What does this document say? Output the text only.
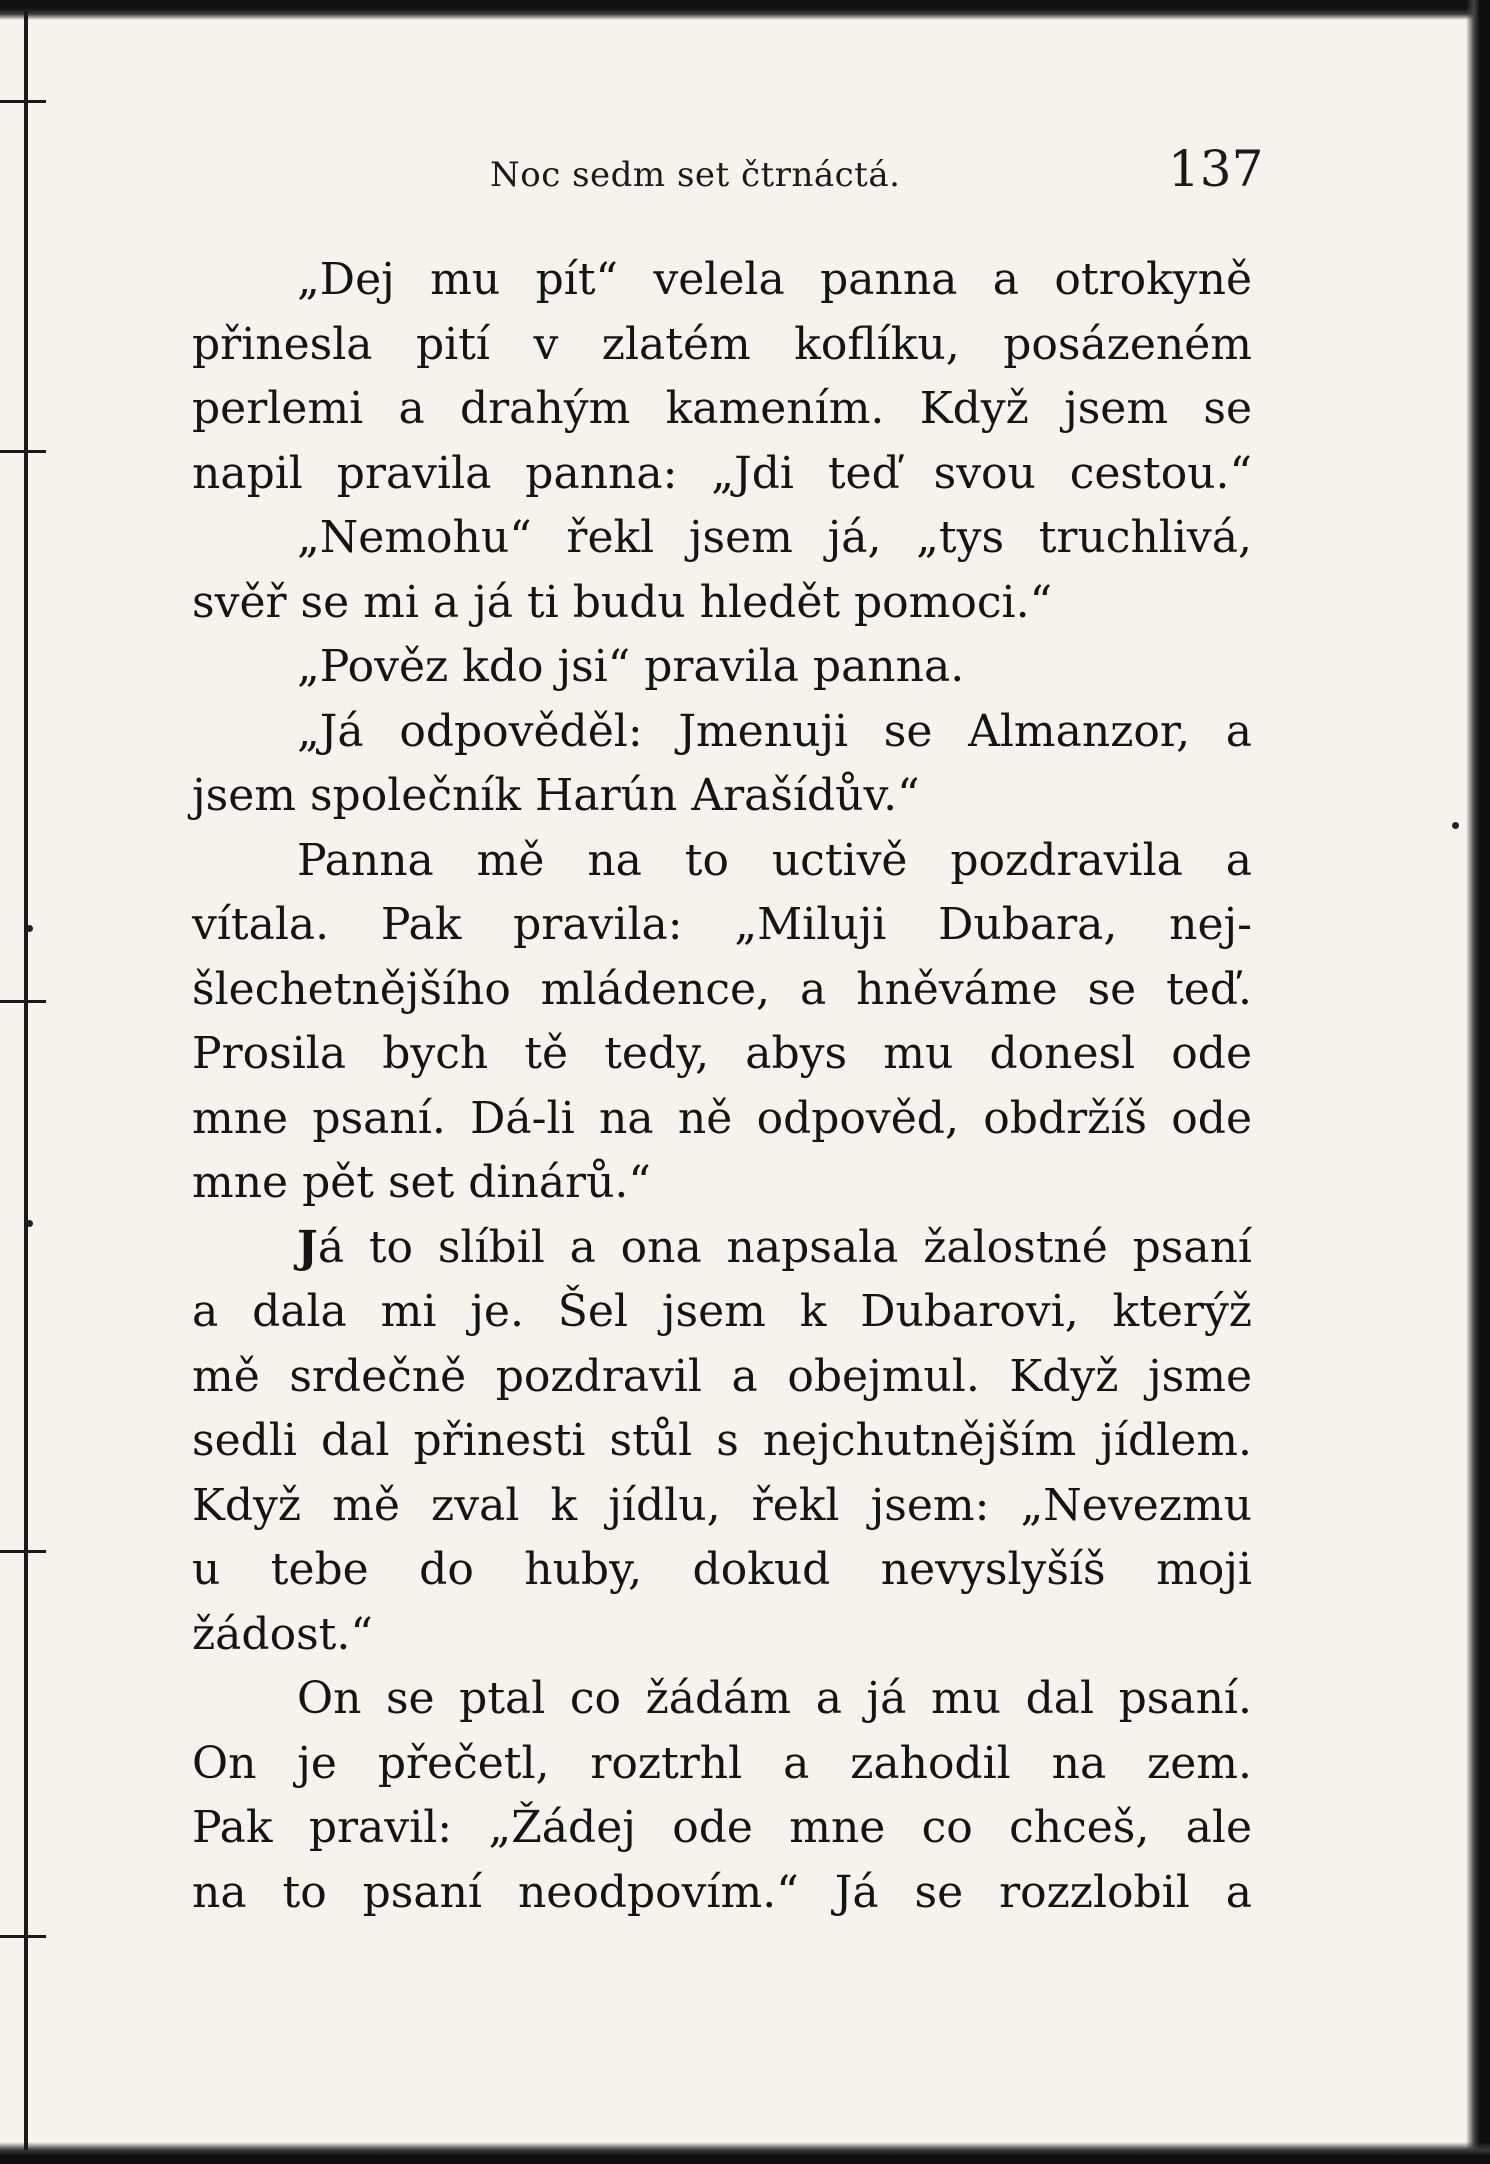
Noc sedm set čtrnáctá.	137
„Dej mu pít“ velela panna a otrokyně
přinesla pití v zlatém koflíku, posázeném
perlemi a drahým kamením. Když jsem se
napil pravila panna: „Jdi teď svou cestou.“
„Nemohu“ řekl jsem já, „tys truchlivá,
svěř se mi a já ti budu hledět pomoci.“
„Pověz kdo jsi“ pravila panna.
„Já odpověděl: Jmenuji se Almanzor, a
jsem společník Harún Arašídův.“
Panna mě na to uctivě pozdravila a
vítala. Pak pravila: „Miluji Dubara, nej-
šlechetnějšího mládence, a hněváme se teď.
Prosila bych tě tedy, abys mu donesl ode
mne psaní. Dá-li na ně odpověd, obdržíš ode
mne pět set dinárů.“
Já to slíbil a ona napsala žalostné psaní
a dala mi je. Šel jsem k Dubarovi, kterýž
mě srdečně pozdravil a obejmul. Když jsme
sedli dal přinesti stůl s nejchutnějším jídlem.
Když mě zval k jídlu, řekl jsem: „Nevezmu
u tebe do huby, dokud nevyslyšíš moji
žádost.“
On se ptal co žádám a já mu dal psaní.
On je přečetl, roztrhl a zahodil na zem.
Pak pravil: „Žádej ode mne co chceš, ale
na to psaní neodpovím.“ Já se rozzlobil a
